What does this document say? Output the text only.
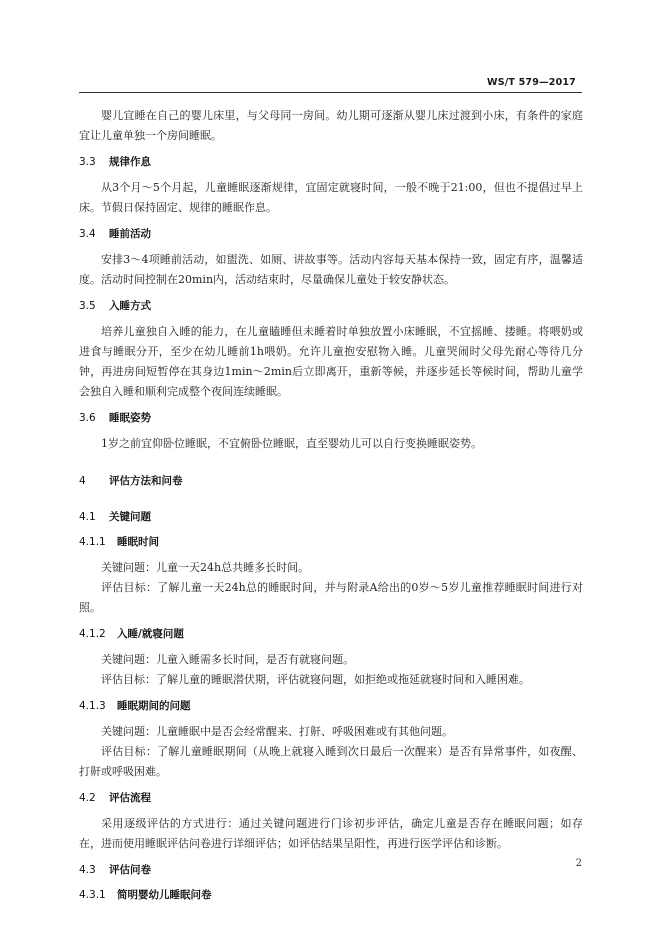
WS/T 579—2017

婴儿宜睡在自己的婴儿床里，与父母同一房间。幼儿期可逐渐从婴儿床过渡到小床，有条件的家庭宜让儿童单独一个房间睡眠。

3.3 规律作息

从3个月～5个月起，儿童睡眠逐渐规律，宜固定就寝时间，一般不晚于21:00，但也不提倡过早上床。节假日保持固定、规律的睡眠作息。

3.4 睡前活动

安排3～4项睡前活动，如盥洗、如厕、讲故事等。活动内容每天基本保持一致，固定有序，温馨适度。活动时间控制在20min内，活动结束时，尽量确保儿童处于较安静状态。

3.5 入睡方式

培养儿童独自入睡的能力，在儿童瞌睡但未睡着时单独放置小床睡眠，不宜摇睡、搂睡。将喂奶或进食与睡眠分开，至少在幼儿睡前1h喂奶。允许儿童抱安慰物入睡。儿童哭闹时父母先耐心等待几分钟，再进房间短暂停在其身边1min～2min后立即离开，重新等候，并逐步延长等候时间，帮助儿童学会独自入睡和顺利完成整个夜间连续睡眠。

3.6 睡眠姿势

1岁之前宜仰卧位睡眠，不宜俯卧位睡眠，直至婴幼儿可以自行变换睡眠姿势。

4 评估方法和问卷
4.1 关键问题
4.1.1 睡眠时间

关键问题：儿童一天24h总共睡多长时间。

评估目标：了解儿童一天24h总的睡眠时间，并与附录A给出的0岁～5岁儿童推荐睡眠时间进行对照。

4.1.2 入睡/就寝问题

关键问题：儿童入睡需多长时间，是否有就寝问题。

评估目标：了解儿童的睡眠潜伏期，评估就寝问题，如拒绝或拖延就寝时间和入睡困难。

4.1.3 睡眠期间的问题

关键问题：儿童睡眠中是否会经常醒来、打鼾、呼吸困难或有其他问题。

评估目标：了解儿童睡眠期间（从晚上就寝入睡到次日最后一次醒来）是否有异常事件，如夜醒、打鼾或呼吸困难。

4.2 评估流程

采用逐级评估的方式进行：通过关键问题进行门诊初步评估，确定儿童是否存在睡眠问题；如存在，进而使用睡眠评估问卷进行详细评估；如评估结果呈阳性，再进行医学评估和诊断。

4.3 评估问卷
4.3.1 简明婴幼儿睡眠问卷
2
